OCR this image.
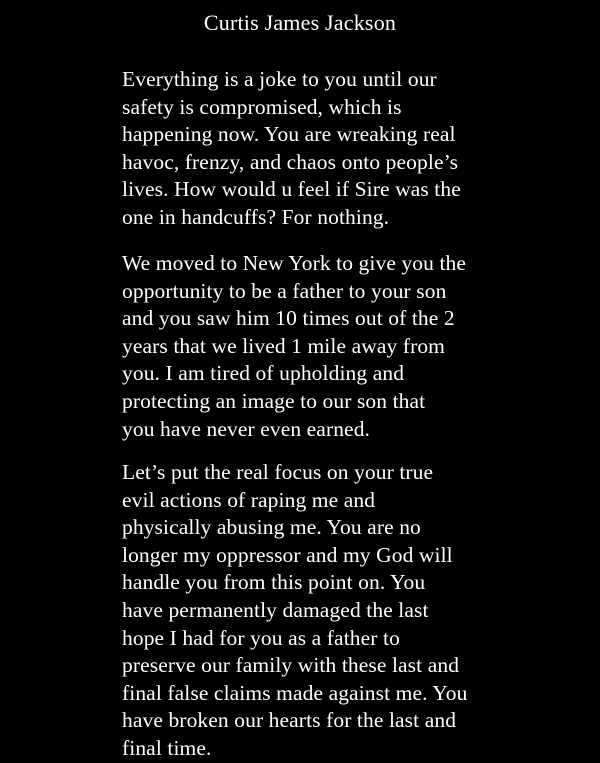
Curtis James Jackson
Everything is a joke to you until our
safety is compromised, which is
happening now. You are wreaking real
havoc, frenzy, and chaos onto people’s
lives. How would u feel if Sire was the
one in handcuffs? For nothing.
We moved to New York to give you the
opportunity to be a father to your son
and you saw him 10 times out of the 2
years that we lived 1 mile away from
you. I am tired of upholding and
protecting an image to our son that
you have never even earned.
Let’s put the real focus on your true
evil actions of raping me and
physically abusing me. You are no
longer my oppressor and my God will
handle you from this point on. You
have permanently damaged the last
hope I had for you as a father to
preserve our family with these last and
final false claims made against me. You
have broken our hearts for the last and
final time.
